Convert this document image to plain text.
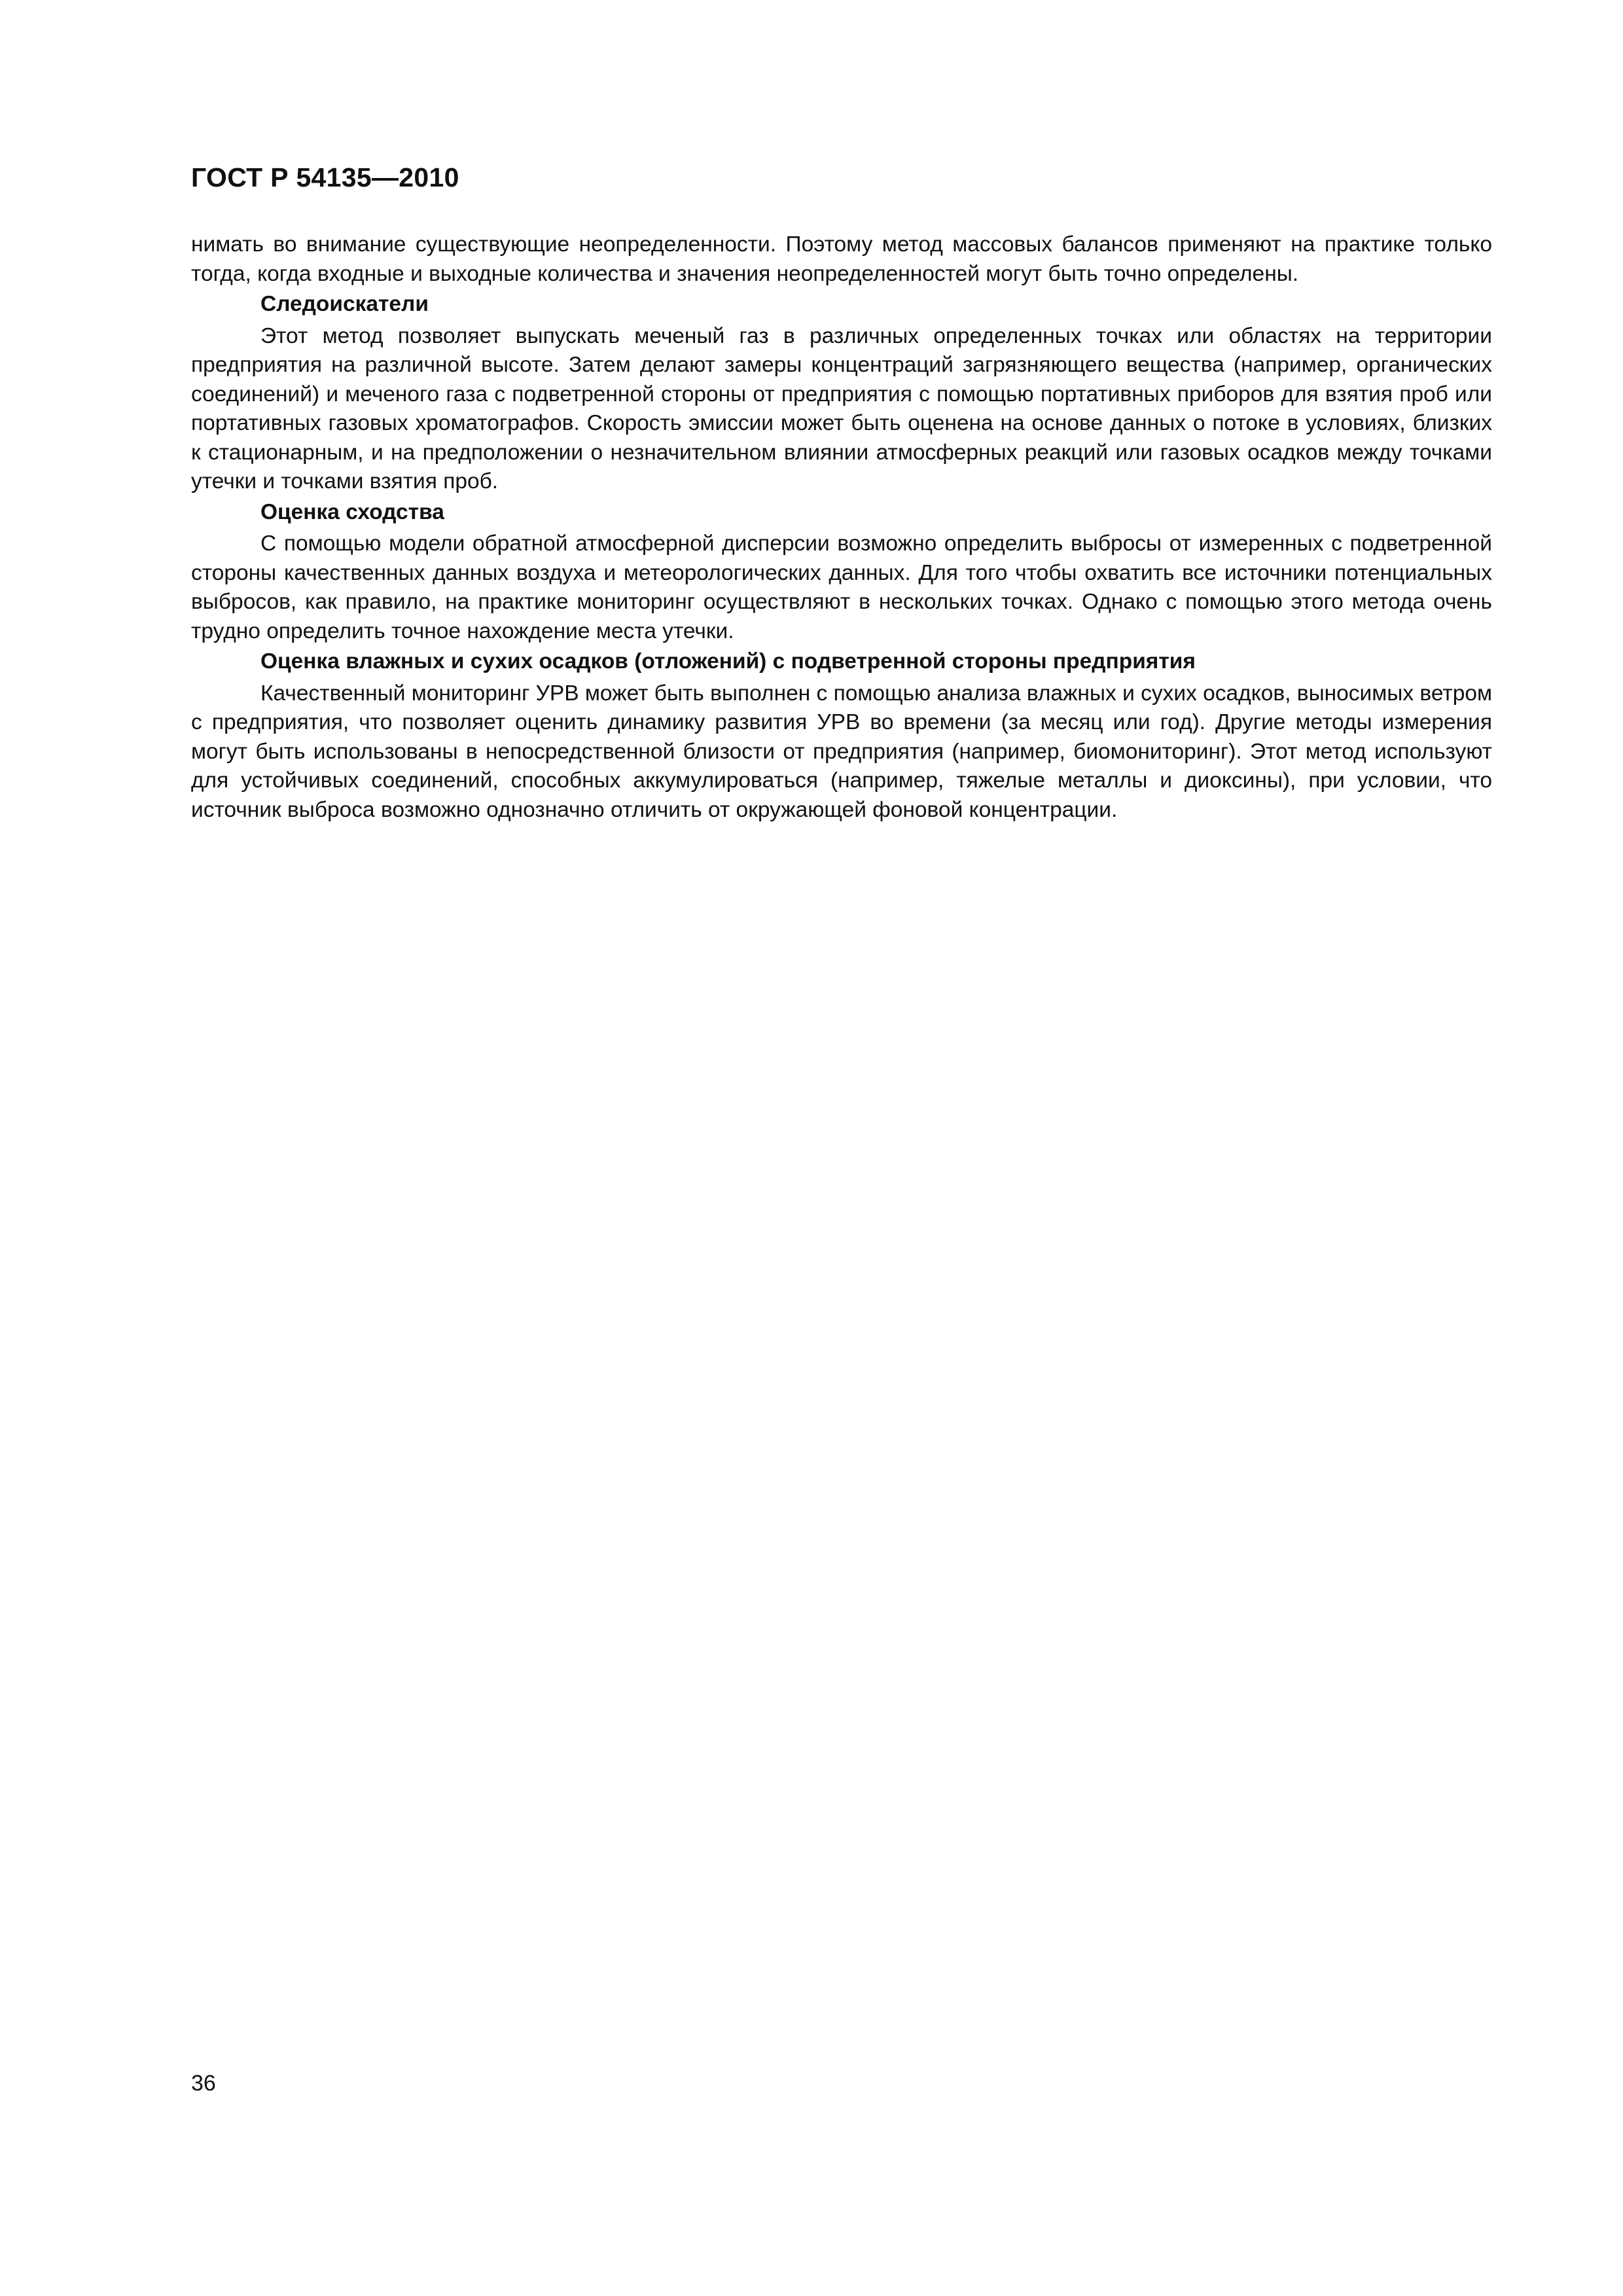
ГОСТ Р 54135—2010

нимать во внимание существующие неопределенности. Поэтому метод массовых балансов применяют на практике только тогда, когда входные и выходные количества и значения неопределенностей могут быть точно определены.

Следоискатели

Этот метод позволяет выпускать меченый газ в различных определенных точках или областях на территории предприятия на различной высоте. Затем делают замеры концентраций загрязняющего вещества (например, органических соединений) и меченого газа с подветренной стороны от предприятия с помощью портативных приборов для взятия проб или портативных газовых хроматографов. Скорость эмиссии может быть оценена на основе данных о потоке в условиях, близких к стационарным, и на предположении о незначительном влиянии атмосферных реакций или газовых осадков между точками утечки и точками взятия проб.

Оценка сходства

С помощью модели обратной атмосферной дисперсии возможно определить выбросы от измеренных с подветренной стороны качественных данных воздуха и метеорологических данных. Для того чтобы охватить все источники потенциальных выбросов, как правило, на практике мониторинг осуществляют в нескольких точках. Однако с помощью этого метода очень трудно определить точное нахождение места утечки.

Оценка влажных и сухих осадков (отложений) с подветренной стороны предприятия

Качественный мониторинг УРВ может быть выполнен с помощью анализа влажных и сухих осадков, выносимых ветром с предприятия, что позволяет оценить динамику развития УРВ во времени (за месяц или год). Другие методы измерения могут быть использованы в непосредственной близости от предприятия (например, биомониторинг). Этот метод используют для устойчивых соединений, способных аккумулироваться (например, тяжелые металлы и диоксины), при условии, что источник выброса возможно однозначно отличить от окружающей фоновой концентрации.

36
